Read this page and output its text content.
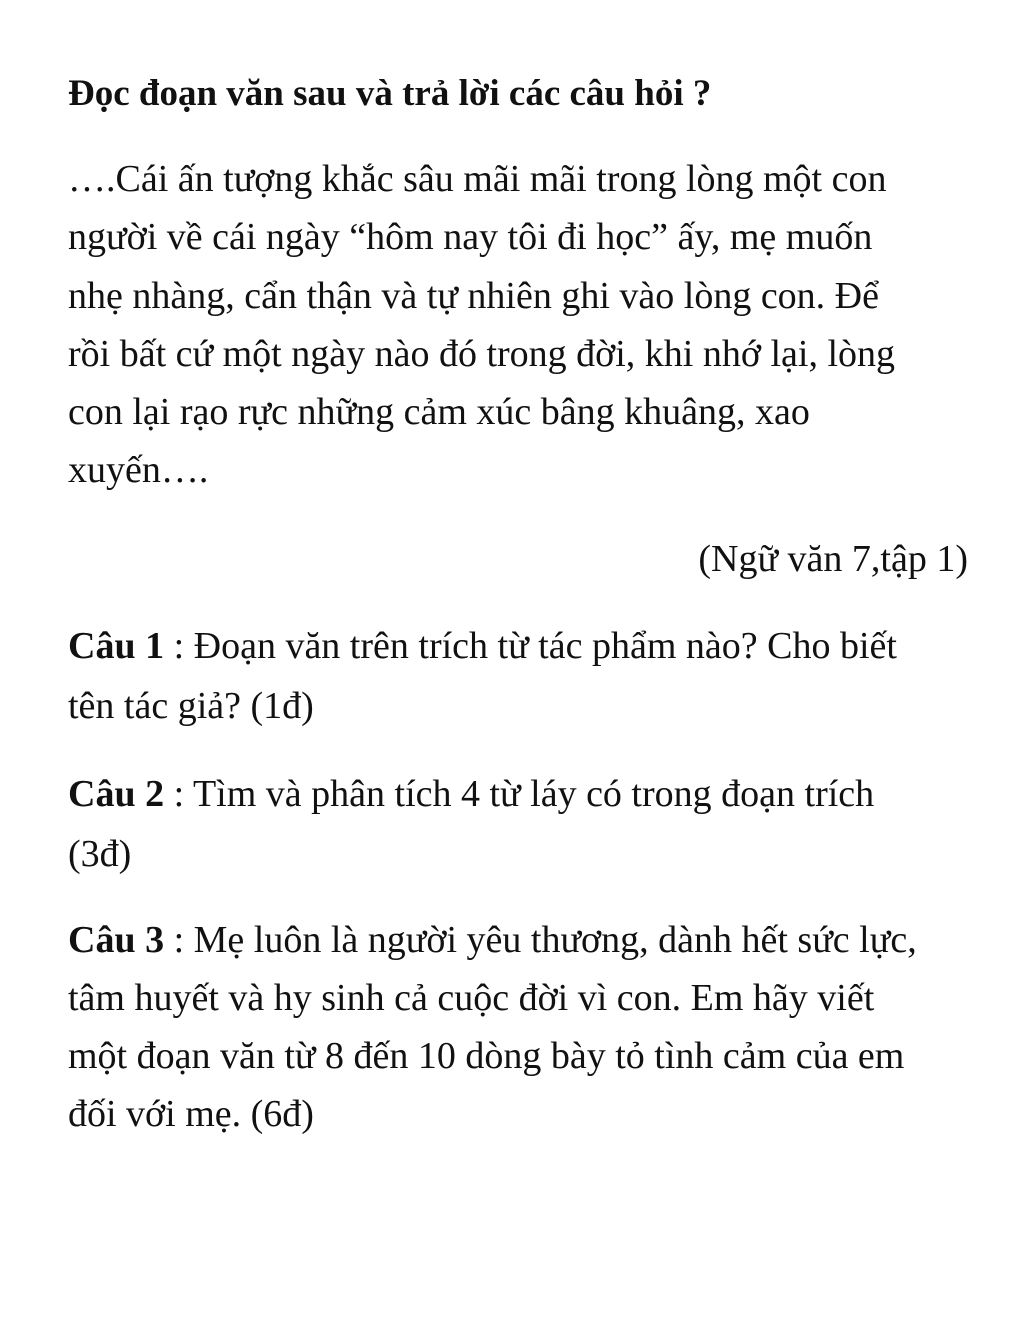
Đọc đoạn văn sau và trả lời các câu hỏi ?
….Cái ấn tượng khắc sâu mãi mãi trong lòng một con
người về cái ngày “hôm nay tôi đi học” ấy, mẹ muốn
nhẹ nhàng, cẩn thận và tự nhiên ghi vào lòng con. Để
rồi bất cứ một ngày nào đó trong đời, khi nhớ lại, lòng
con lại rạo rực những cảm xúc bâng khuâng, xao
xuyến….
(Ngữ văn 7,tập 1)
Câu 1 : Đoạn văn trên trích từ tác phẩm nào? Cho biết
tên tác giả? (1đ)
Câu 2 : Tìm và phân tích 4 từ láy có trong đoạn trích
(3đ)
Câu 3 : Mẹ luôn là người yêu thương, dành hết sức lực,
tâm huyết và hy sinh cả cuộc đời vì con. Em hãy viết
một đoạn văn từ 8 đến 10 dòng bày tỏ tình cảm của em
đối với mẹ. (6đ)
